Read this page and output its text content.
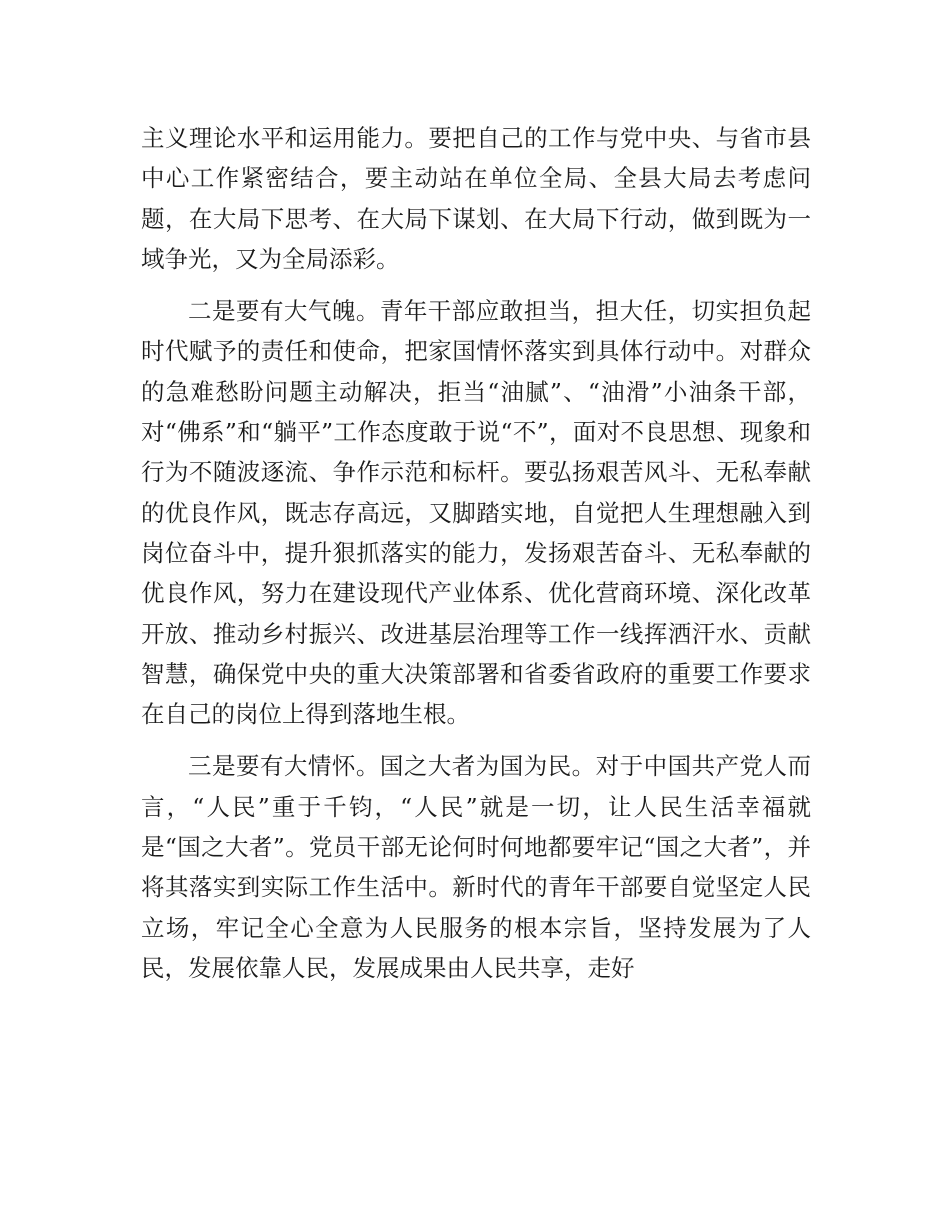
主义理论水平和运用能力。要把自己的工作与党中央、与省市县中心工作紧密结合，要主动站在单位全局、全县大局去考虑问题，在大局下思考、在大局下谋划、在大局下行动，做到既为一域争光，又为全局添彩。

二是要有大气魄。青年干部应敢担当，担大任，切实担负起时代赋予的责任和使命，把家国情怀落实到具体行动中。对群众的急难愁盼问题主动解决，拒当“油腻”、“油滑”小油条干部，对“佛系”和“躺平”工作态度敢于说“不”，面对不良思想、现象和行为不随波逐流、争作示范和标杆。要弘扬艰苦风斗、无私奉献的优良作风，既志存高远，又脚踏实地，自觉把人生理想融入到岗位奋斗中，提升狠抓落实的能力，发扬艰苦奋斗、无私奉献的优良作风，努力在建设现代产业体系、优化营商环境、深化改革开放、推动乡村振兴、改进基层治理等工作一线挥洒汗水、贡献智慧，确保党中央的重大决策部署和省委省政府的重要工作要求在自己的岗位上得到落地生根。

三是要有大情怀。国之大者为国为民。对于中国共产党人而言，“人民”重于千钧，“人民”就是一切，让人民生活幸福就是“国之大者”。党员干部无论何时何地都要牢记“国之大者”，并将其落实到实际工作生活中。新时代的青年干部要自觉坚定人民立场，牢记全心全意为人民服务的根本宗旨，坚持发展为了人民，发展依靠人民，发展成果由人民共享，走好
